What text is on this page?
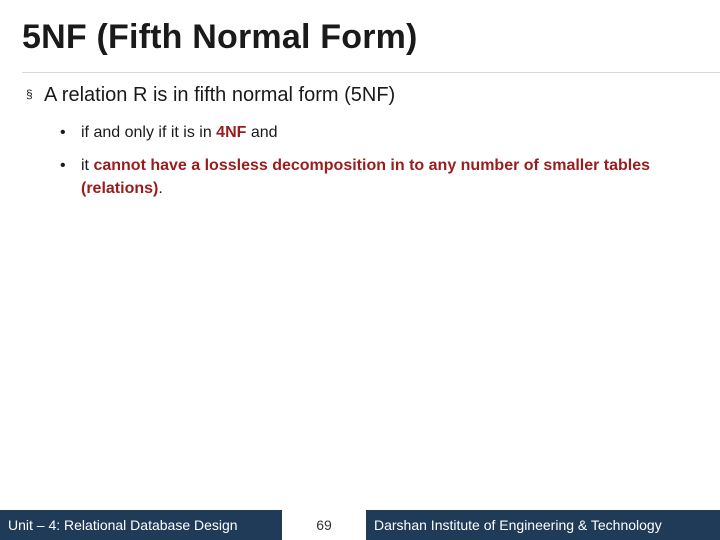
5NF (Fifth Normal Form)
§ A relation R is in fifth normal form (5NF)
• if and only if it is in 4NF and
• it cannot have a lossless decomposition in to any number of smaller tables (relations).
Unit – 4: Relational Database Design	69	Darshan Institute of Engineering & Technology
